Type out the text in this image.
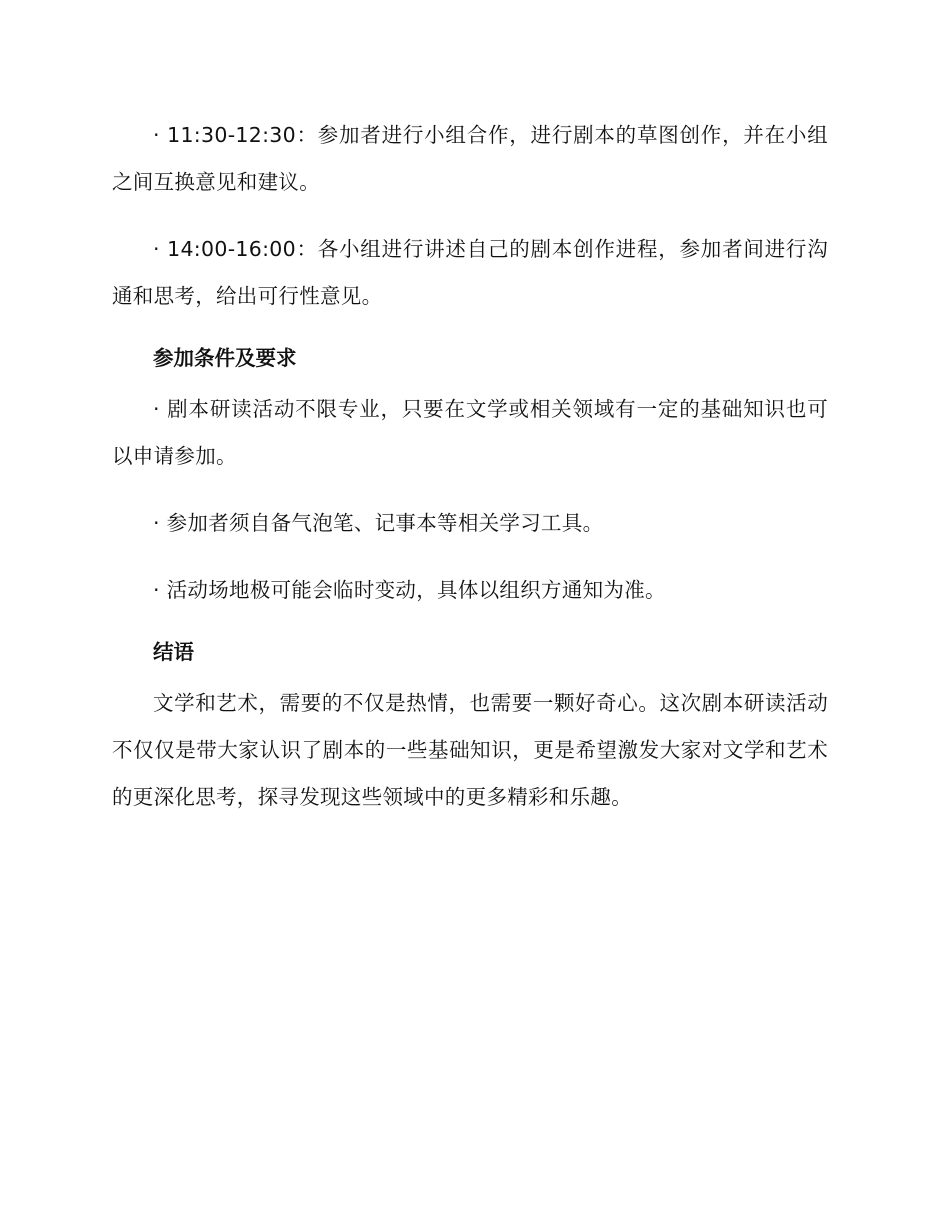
· 11:30-12:30：参加者进行小组合作，进行剧本的草图创作，并在小组之间互换意见和建议。

· 14:00-16:00：各小组进行讲述自己的剧本创作进程，参加者间进行沟通和思考，给出可行性意见。

参加条件及要求

· 剧本研读活动不限专业，只要在文学或相关领域有一定的基础知识也可以申请参加。

· 参加者须自备气泡笔、记事本等相关学习工具。

· 活动场地极可能会临时变动，具体以组织方通知为准。

结语

文学和艺术，需要的不仅是热情，也需要一颗好奇心。这次剧本研读活动不仅仅是带大家认识了剧本的一些基础知识，更是希望激发大家对文学和艺术的更深化思考，探寻发现这些领域中的更多精彩和乐趣。
